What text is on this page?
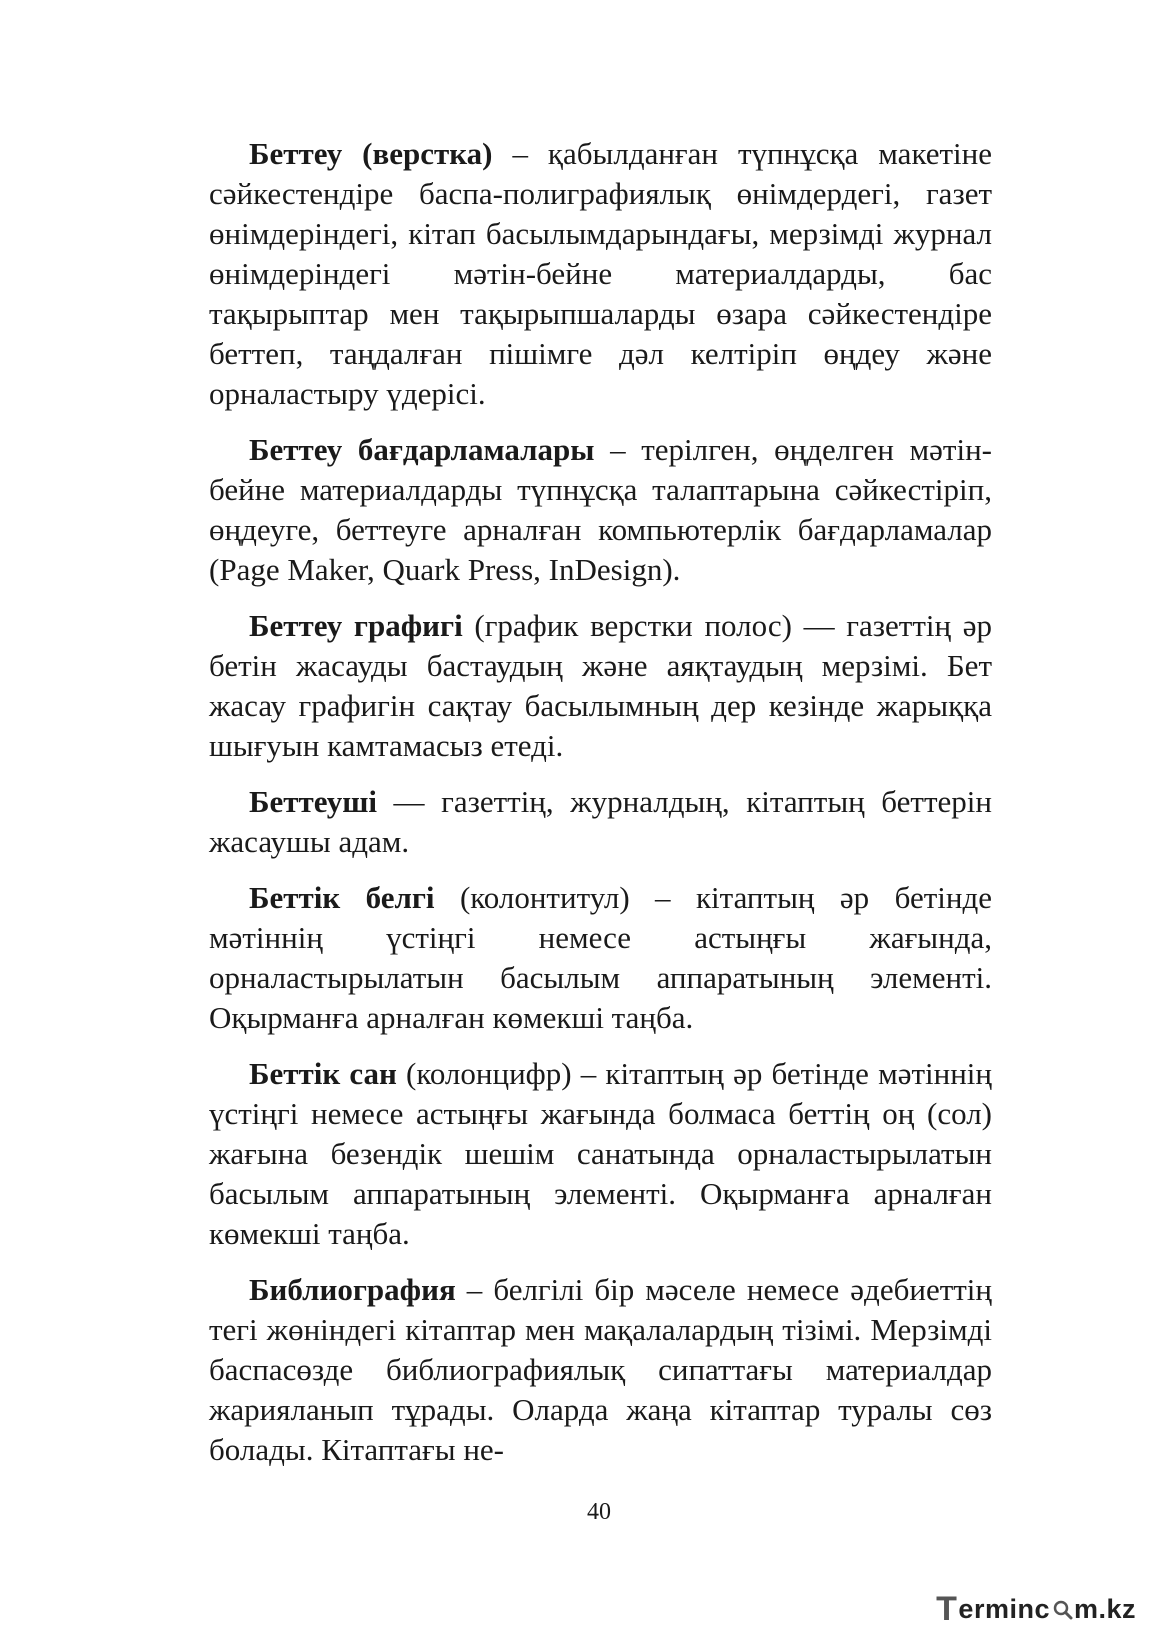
Беттеу (верстка) – қабылданған түпнұсқа макетіне сәйкестендіре баспа-полиграфиялық өнімдердегі, газет өнімдеріндегі, кітап басылымдарындағы, мерзімді журнал өнімдеріндегі мәтін-бейне материалдарды, бас тақырыптар мен тақырыпшаларды өзара сәйкестендіре беттеп, таңдалған пішімге дәл келтіріп өңдеу және орналастыру үдерісі.

Беттеу бағдарламалары – терілген, өңделген мәтін-бейне материалдарды түпнұсқа талаптарына сәйкестіріп, өңдеуге, беттеуге арналған компьютерлік бағдарламалар (Page Maker, Quark Press, InDesign).

Беттеу графигі (график верстки полос) — газеттің әр бетін жасауды бастаудың және аяқтаудың мерзімі. Бет жасау графигін сақтау басылымның дер кезінде жарыққа шығуын камтамасыз етеді.

Беттеуші — газеттің, журналдың, кітаптың беттерін жасаушы адам.

Беттік белгі (колонтитул) – кітаптың әр бетінде мәтіннің үстіңгі немесе астыңғы жағында, орналастырылатын басылым аппаратының элементі. Оқырманға арналған көмекші таңба.

Беттік сан (колонцифр) – кітаптың әр бетінде мәтіннің үстіңгі немесе астыңғы жағында болмаса беттің оң (сол) жағына безендік шешім санатында орналастырылатын басылым аппаратының элементі. Оқырманға арналған көмекші таңба.

Библиография – белгілі бір мәселе немесе әдебиеттің тегі жөніндегі кітаптар мен мақалалардың тізімі. Мерзімді баспасөзде библиографиялық сипаттағы материалдар жарияланып тұрады. Оларда жаңа кітаптар туралы сөз болады. Кітаптағы не-

40
T erminc m.kz
